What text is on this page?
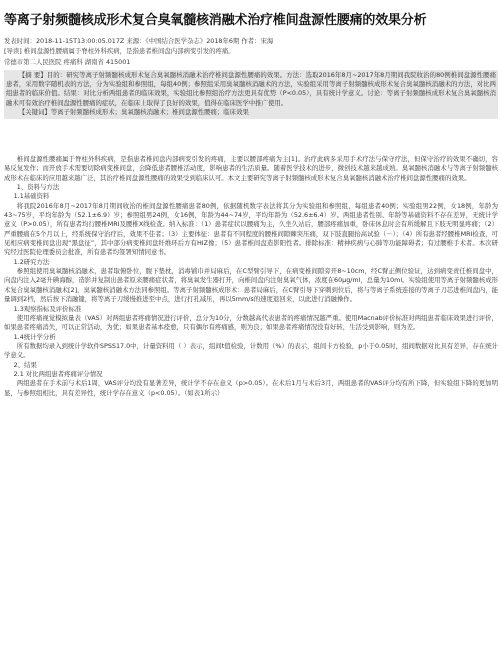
等离子射频髓核成形术复合臭氧髓核消融术治疗椎间盘源性腰痛的效果分析
发表时间：2018-11-15T13:00:05.017Z 来源：《中国结合医学杂志》2018年6期 作者：宋海
[导读] 椎间盘源性腰痛属于脊柱外科疾病，是指患者椎间盘内部病变引发的疼痛。
常德市第二人民医院 疼痛科 湖南省 415001

【摘 要】目的：研究等离子射频髓核成形术复合臭氧髓核消融术治疗椎间盘源性腰痛的效果。方法：选取2016年8月~2017年8月期间我院收治的80例椎间盘源性腰痛患者，采用数字随机表的方法，分为实验组和参照组，每组40例；参照组采用臭氧髓核消融术的方法，实验组采用等离子射频髓核成形术复合臭氧髓核消融术的方法，对比两组患者的临床价值。结果：对比分析两组患者的临床效果，实验组比参照组治疗方法更具有优势（P<0.05），具有统计学意义。讨论：等离子射频髓核成形术复合臭氧髓核消融术可有效治疗椎间盘源性腰痛的症状，在临床上取得了良好的效果，值得在临床医学中推广使用。

【关键词】等离子射频髓核成形术；臭氧髓核消融术；椎间盘源性腰痛；临床效果

椎间盘源性腰痛属于脊柱外科疾病，是指患者椎间盘内部病变引发的疼痛，主要以腰部疼痛为主[1]。治疗此病多采用手术疗法与保守疗法，但保守治疗的效果不确切，容易反复发作；而开放手术需要切除病变椎间盘，会降低患者腰椎活动度，影响患者的生活质量。随着医学技术的进步，微创技术越来越成熟。臭氧髓核消融术与等离子射频髓核成形术在临床的应用越来越广泛，其治疗椎间盘源性腰痛的效果受到临床认可。本文主要研究等离子射频髓核成形术复合臭氧髓核消融术治疗椎间盘源性腰痛的效果。

1、资料与方法

1.1基础资料

将我院2016年8月~2017年8月期间收治的椎间盘源性腰痛患者80例，依据随机数字表法将其分为实验组和参照组，每组患者40例；实验组男22例，女18例，年龄为43~75岁，平均年龄为（52.1±6.9）岁；参照组男24例，女16例，年龄为44~74岁，平均年龄为（52.6±6.4）岁。两组患者性别、年龄等基础资料不存在差异，无统计学意义（P>0.05），所有患者均行腰椎MRI及腰椎X线检查。纳入标准：（1）患者症状以腰痛为主，久坐久站后，腰部疼痛加重，卧床休息时会有所缓解且下肢无明显疼痛；（2）严重腰痛在5个月以上，经系统保守治疗后，效果不佳者；（3）主要体征：患者有不同程度的腰椎间隙棘突压痛，双下肢直腿抬高试验（－）；（4）所有患者经腰椎MRI检查，可见相应病变椎间盘出现“黑盘征”，其中部分病变椎间盘纤维环后方有HIZ像；（5）患者椎间盘造影阳性者。排除标准：精神疾病与心肺等功能障碍者；有过腰椎手术者。本次研究经过医院伦理委员会批准，所有患者均签署知情同意书。

1.2研究方法

参照组使用臭氧髓核消融术，患者取俯卧位，腹下垫枕，消毒铺巾并局麻后，在C型臂引导下，在病变椎间隙旁开8~10cm，经C臂正侧位验证，达到病变责任椎间盘中，向盘内注入2毫升碘海醇，造影并复制出患者原来腰痛症状者，将臭氧发生器打开，向椎间盘内注射臭氧气体，浓度在60μg/ml，总量为10ml。实验组使用等离子射频髓核成形术复合臭氧髓核消融术[2]，臭氧髓核消融术方法同参照组。等离子射频髓核成形术：患者局麻后，在C臂引导下穿刺到位后，将与等离子系统连接的等离子刀芯进椎间盘内，能量调到2档，然后按下消融键，将等离子刀缓慢推进至中点，进行打孔减压，再以5mm/s的速度退回来，以此进行消融操作。

1.3观察指标及评价标准

使用疼痛视觉模拟量表（VAS）对两组患者疼痛情况进行评价，总分为10分，分数越高代表患者的疼痛情况越严重。使用Macnab评价标准对两组患者临床效果进行评价，如果患者疼痛消失，可以正常活动，为优；如果患者基本痊愈，只有偶尔有疼痛感，则为良；如果患者疼痛情况没有好转，生活受到影响，则为差。

1.4统计学分析

所有数据均录入到统计学软件SPSS17.0中，计量资料用（ ）表示，组间t值检验，计数用（%）的表示，组间卡方检验，p小于0.05时，组间数据对比具有差异，存在统计学意义。

2、结果

2.1 对比两组患者疼痛评分情况

两组患者在手术前与术后1周，VAS评分均没有显著差异，统计学不存在意义（p>0.05）。在术后1月与术后3月，两组患者的VAS评分均有所下降，但实验组下降的更加明显，与参照组相比，具有差异性，统计学存在意义（p<0.05）。（如表1所示）
